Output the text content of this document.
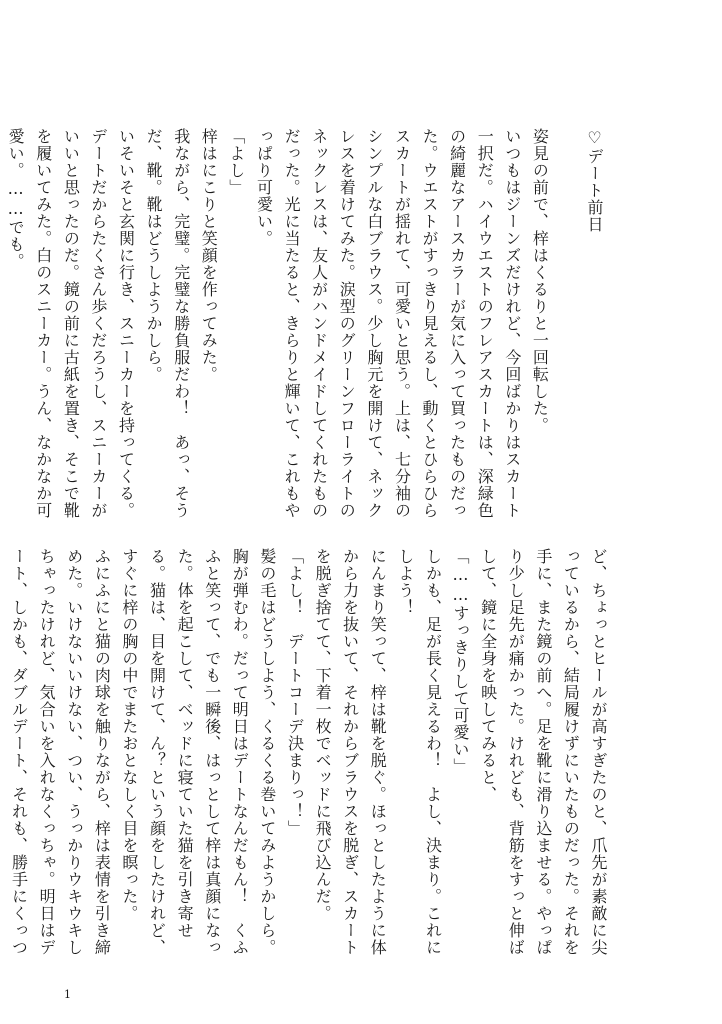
♡デート前日

姿見の前で、梓はくるりと一回転した。

いつもはジーンズだけれど、今回ばかりはスカート一択だ。ハイウエストのフレアスカートは、深緑色の綺麗なアースカラーが気に入って買ったものだった。ウエストがすっきり見えるし、動くとひらひらスカートが揺れて、可愛いと思う。上は、七分袖のシンプルな白ブラウス。少し胸元を開けて、ネックレスを着けてみた。涙型のグリーンフローライトのネックレスは、友人がハンドメイドしてくれたものだった。光に当たると、きらりと輝いて、これもやっぱり可愛い。

「よし」

梓はにこりと笑顔を作ってみた。

我ながら、完璧。完璧な勝負服だわ！　あっ、そうだ、靴。靴はどうしようかしら。

いそいそと玄関に行き、スニーカーを持ってくる。デートだからたくさん歩くだろうし、スニーカーがいいと思ったのだ。鏡の前に古紙を置き、そこで靴を履いてみた。白のスニーカー。うん、なかなか可愛い。……でも。

ど、ちょっとヒールが高すぎたのと、爪先が素敵に尖っているから、結局履けずにいたものだった。それを手に、また鏡の前へ。足を靴に滑り込ませる。やっぱり少し足先が痛かった。けれども、背筋をすっと伸ばして、鏡に全身を映してみると、

「……すっきりして可愛い」

しかも、足が長く見えるわ！　よし、決まり。これにしよう！

にんまり笑って、梓は靴を脱ぐ。ほっとしたように体から力を抜いて、それからブラウスを脱ぎ、スカートを脱ぎ捨てて、下着一枚でベッドに飛び込んだ。

「よし！　デートコーデ決まりっ！」

髪の毛はどうしよう、くるくる巻いてみようかしら。胸が弾むわ。だって明日はデートなんだもん！　くふふと笑って、でも一瞬後、はっとして梓は真顔になった。体を起こして、ベッドに寝ていた猫を引き寄せる。猫は、目を開けて、ん？という顔をしたけれど、すぐに梓の胸の中でまたおとなしく目を瞑った。

ふにふにと猫の肉球を触りながら、梓は表情を引き締めた。いけないいけない、つい、うっかりウキウキしちゃったけれど、気合いを入れなくっちゃ。明日はデート、しかも、ダブルデート、それも、勝手にくっつ

1
